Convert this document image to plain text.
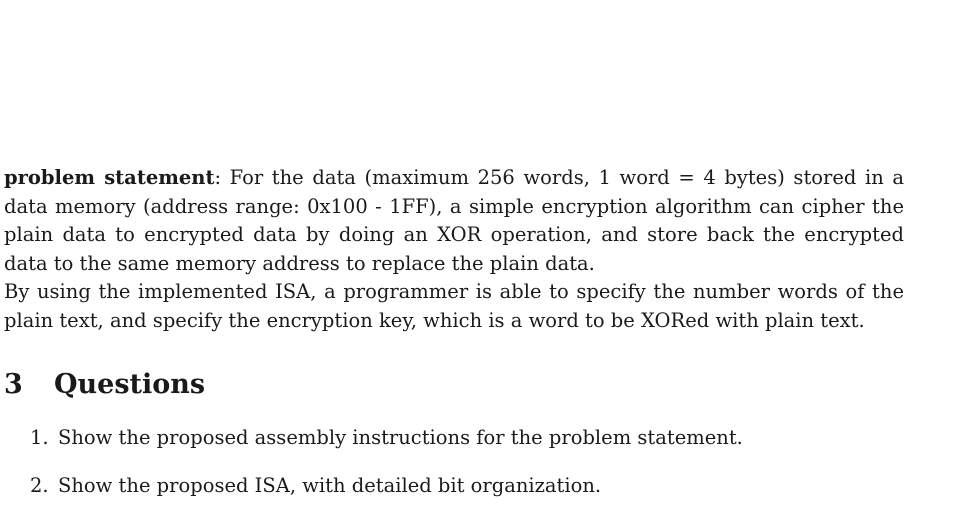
problem statement: For the data (maximum 256 words, 1 word = 4 bytes) stored in a data memory (address range: 0x100 - 1FF), a simple encryption algorithm can cipher the plain data to encrypted data by doing an XOR operation, and store back the encrypted data to the same memory address to replace the plain data.

By using the implemented ISA, a programmer is able to specify the number words of the plain text, and specify the encryption key, which is a word to be XORed with plain text.

3	Questions
1. Show the proposed assembly instructions for the problem statement.
2. Show the proposed ISA, with detailed bit organization.
